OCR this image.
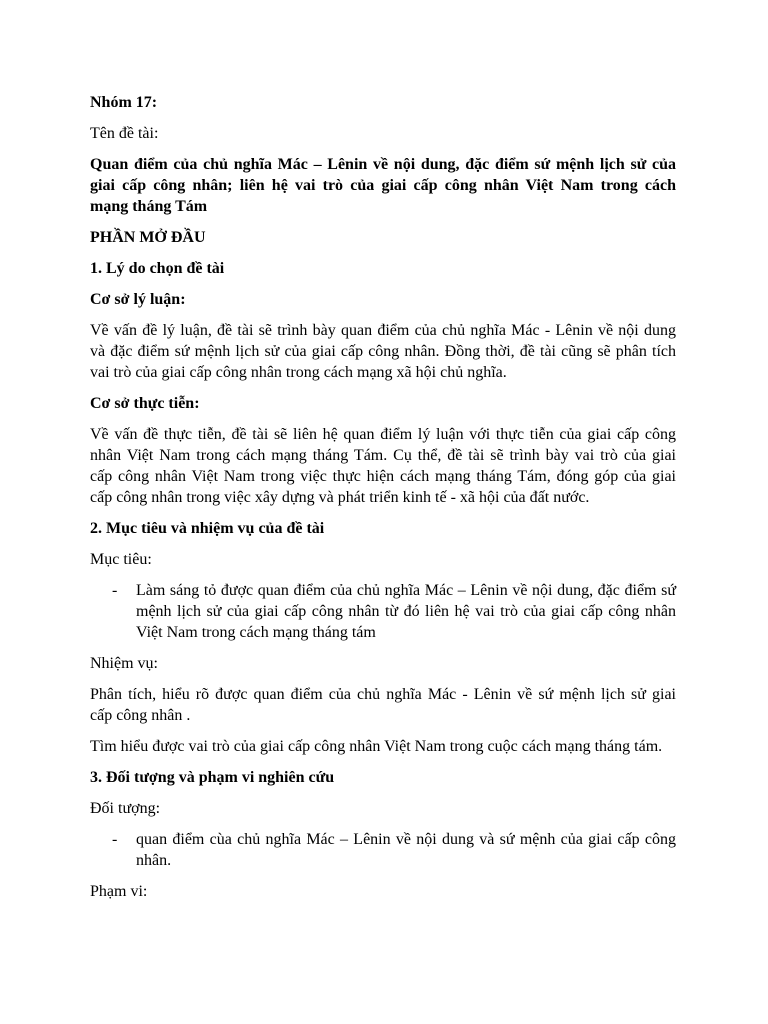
Nhóm 17:

Tên đề tài:

Quan điểm của chủ nghĩa Mác – Lênin về nội dung, đặc điểm sứ mệnh lịch sử của
giai cấp công nhân; liên hệ vai trò của giai cấp công nhân Việt Nam trong cách
mạng tháng Tám

PHẦN MỞ ĐẦU

1. Lý do chọn đề tài

Cơ sở lý luận:

Về vấn đề lý luận, đề tài sẽ trình bày quan điểm của chủ nghĩa Mác - Lênin về nội dung
và đặc điểm sứ mệnh lịch sử của giai cấp công nhân. Đồng thời, đề tài cũng sẽ phân tích
vai trò của giai cấp công nhân trong cách mạng xã hội chủ nghĩa.

Cơ sở thực tiễn:

Về vấn đề thực tiễn, đề tài sẽ liên hệ quan điểm lý luận với thực tiễn của giai cấp công
nhân Việt Nam trong cách mạng tháng Tám. Cụ thể, đề tài sẽ trình bày vai trò của giai
cấp công nhân Việt Nam trong việc thực hiện cách mạng tháng Tám, đóng góp của giai
cấp công nhân trong việc xây dựng và phát triển kinh tế - xã hội của đất nước.

2. Mục tiêu và nhiệm vụ của đề tài

Mục tiêu:

- Làm sáng tỏ được quan điểm của chủ nghĩa Mác – Lênin về nội dung, đặc điểm sứ
mệnh lịch sử của giai cấp công nhân từ đó liên hệ vai trò của giai cấp công nhân
Việt Nam trong cách mạng tháng tám

Nhiệm vụ:

Phân tích, hiểu rõ được quan điểm của chủ nghĩa Mác - Lênin về sứ mệnh lịch sử giai
cấp công nhân .

Tìm hiểu được vai trò của giai cấp công nhân Việt Nam trong cuộc cách mạng tháng tám.

3. Đối tượng và phạm vi nghiên cứu

Đối tượng:

- quan điểm cùa chủ nghĩa Mác – Lênin về nội dung và sứ mệnh của giai cấp công
nhân.

Phạm vi:
